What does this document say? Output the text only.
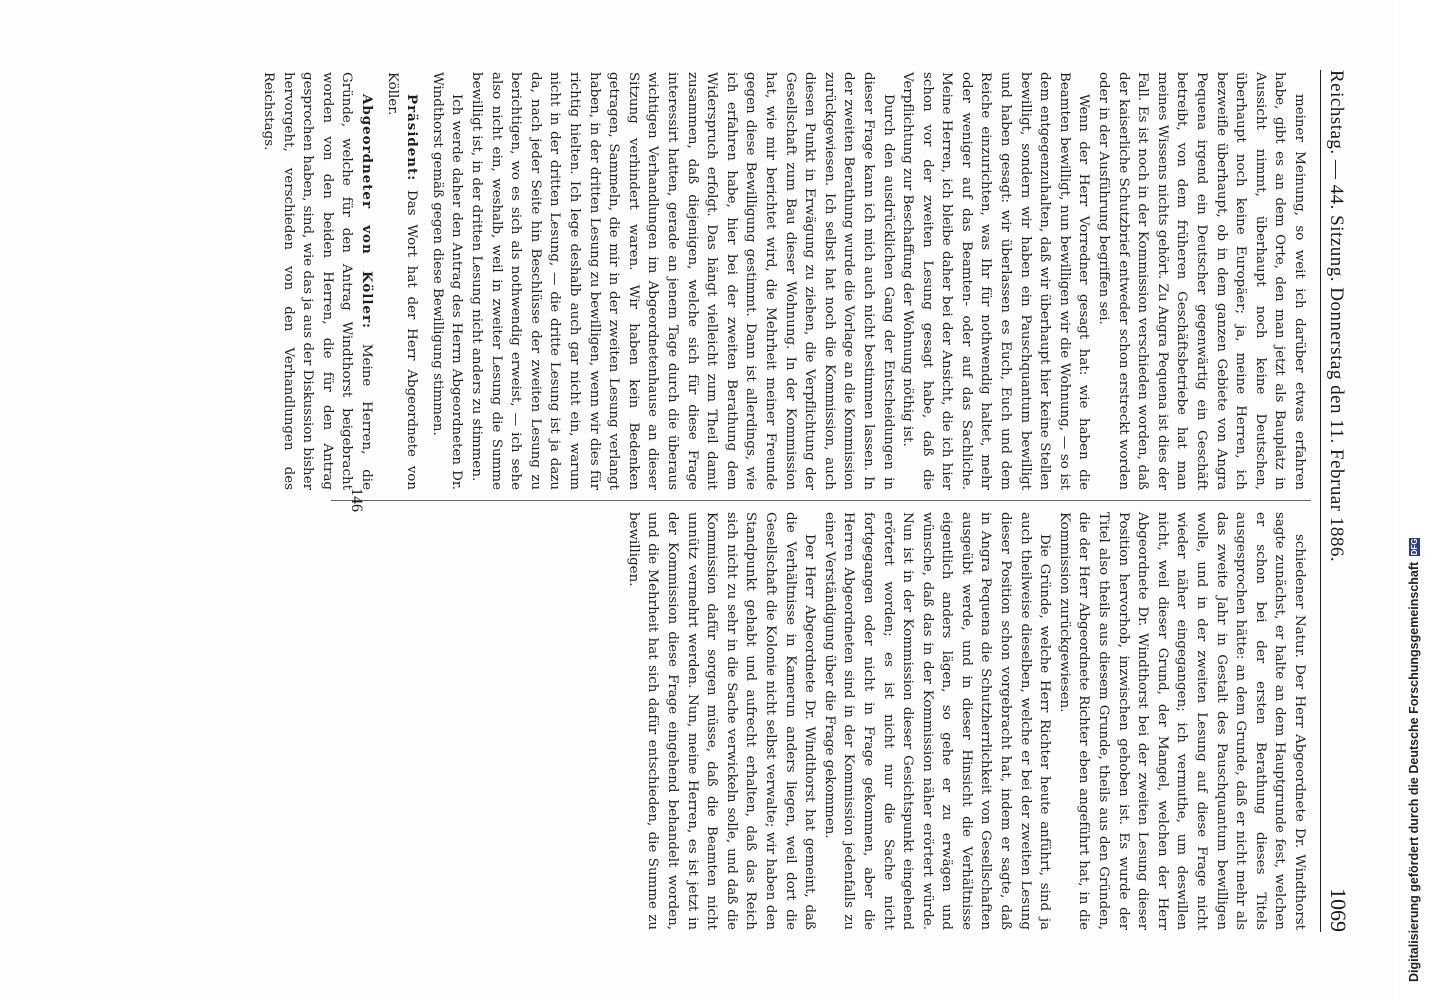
Reichstag. — 44. Sitzung. Donnerstag den 11. Februar 1886.
1069

meiner Meinung, so weit ich darüber etwas erfahren habe, gibt es an dem Orte, den man jetzt als Bauplatz in Aussicht nimmt, überhaupt noch keine Deutschen, überhaupt noch keine Europäer; ja, meine Herren, ich bezweifle überhaupt, ob in dem ganzen Gebiete von Angra Pequena irgend ein Deutscher gegenwärtig ein Geschäft betreibt, von dem früheren Geschäftsbetriebe hat man meines Wissens nichts gehört. Zu Angra Pequena ist dies der Fall. Es ist noch in der Kommission verschieden worden, daß der kaiserliche Schutzbrief entweder schon erstreckt worden oder in der Ausführung begriffen sei.

Wenn der Herr Vorredner gesagt hat: wie haben die Beamten bewilligt, nun bewilligen wir die Wohnung, — so ist dem entgegenzuhalten, daß wir überhaupt hier keine Stellen bewilligt, sondern wir haben ein Pauschquantum bewilligt und haben gesagt: wir überlassen es Euch, Euch und dem Reiche einzurichten, was Ihr für nothwendig haltet, mehr oder weniger auf das Beamten- oder auf das Sachliche. Meine Herren, ich bleibe daher bei der Ansicht, die ich hier schon vor der zweiten Lesung gesagt habe, daß die Verpflichtung zur Beschaffung der Wohnung nöthig ist.

Durch den ausdrücklichen Gang der Entscheidungen in dieser Frage kann ich mich auch nicht bestimmen lassen. In der zweiten Berathung wurde die Vorlage an die Kommission zurückgewiesen. Ich selbst hat noch die Kommission, auch diesen Punkt in Erwägung zu ziehen, die Verpflichtung der Gesellschaft zum Bau dieser Wohnung. In der Kommission hat, wie mir berichtet wird, die Mehrheit meiner Freunde gegen diese Bewilligung gestimmt. Dann ist allerdings, wie ich erfahren habe, hier bei der zweiten Berathung dem Widerspruch erfolgt. Das hängt vielleicht zum Theil damit zusammen, daß diejenigen, welche sich für diese Frage interessirt hatten, gerade an jenem Tage durch die überaus wichtigen Verhandlungen im Abgeordnetenhause an dieser Sitzung verhindert waren. Wir haben kein Bedenken getragen, Sammeln, die mir in der zweiten Lesung verlangt haben, in der dritten Lesung zu bewilligen, wenn wir dies für richtig hielten. Ich lege deshalb auch gar nicht ein, warum nicht in der dritten Lesung, — die dritte Lesung ist ja dazu da, nach jeder Seite hin Beschlüsse der zweiten Lesung zu berichtigen, wo es sich als nothwendig erweist, — ich sehe also nicht ein, weshalb, weil in zweiter Lesung die Summe bewilligt ist, in der dritten Lesung nicht anders zu stimmen.

Ich werde daher den Antrag des Herrn Abgeordneten Dr. Windthorst gemäß gegen diese Bewilligung stimmen.

Präsident: Das Wort hat der Herr Abgeordnete von Köller.

Abgeordneter von Köller: Meine Herren, die Gründe, welche für den Antrag Windthorst beigebracht worden von den beiden Herren, die für den Antrag gesprochen haben, sind, wie das ja aus der Diskussion bisher hervorgeht, verschieden von den Verhandlungen des Reichstags.

schiedener Natur. Der Herr Abgeordnete Dr. Windthorst sagte zunächst, er halte an dem Hauptgrunde fest, welchen er schon bei der ersten Berathung dieses Titels ausgesprochen hätte: an dem Grunde, daß er nicht mehr als das zweite Jahr in Gestalt des Pauschquantum bewilligen wolle, und in der zweiten Lesung auf diese Frage nicht wieder näher eingegangen; ich vermuthe, um deswillen nicht, weil dieser Grund, der Mangel, welchen der Herr Abgeordnete Dr. Windthorst bei der zweiten Lesung dieser Position hervorhob, inzwischen gehoben ist. Es wurde der Titel also theils aus diesem Grunde, theils aus den Gründen, die der Herr Abgeordnete Richter eben angeführt hat, in die Kommission zurückgewiesen.

Die Gründe, welche Herr Richter heute anführt, sind ja auch theilweise dieselben, welche er bei der zweiten Lesung dieser Position schon vorgebracht hat, indem er sagte, daß in Angra Pequena die Schutzherrlichkeit von Gesellschaften ausgeübt werde, und in dieser Hinsicht die Verhältnisse eigentlich anders lägen, so gehe er zu erwägen und wünsche, daß das in der Kommission näher erörtert würde. Nun ist in der Kommission dieser Gesichtspunkt eingehend erörtert worden; es ist nicht nur die Sache nicht fortgegangen oder nicht in Frage gekommen, aber die Herren Abgeordneten sind in der Kommission jedenfalls zu einer Verständigung über die Frage gekommen.

Der Herr Abgeordnete Dr. Windthorst hat gemeint, daß die Verhältnisse in Kamerun anders liegen, weil dort die Gesellschaft die Kolonie nicht selbst verwalte; wir haben den Standpunkt gehabt und aufrecht erhalten, daß das Reich sich nicht zu sehr in die Sache verwickeln solle, und daß die Kommission dafür sorgen müsse, daß die Beamten nicht unnütz vermehrt werden. Nun, meine Herren, es ist jetzt in der Kommission diese Frage eingehend behandelt worden, und die Mehrheit hat sich dafür entschieden, die Summe zu bewilligen.

146
Digitalisierung gefördert durch die Deutsche Forschungsgemeinschaft
DFG
